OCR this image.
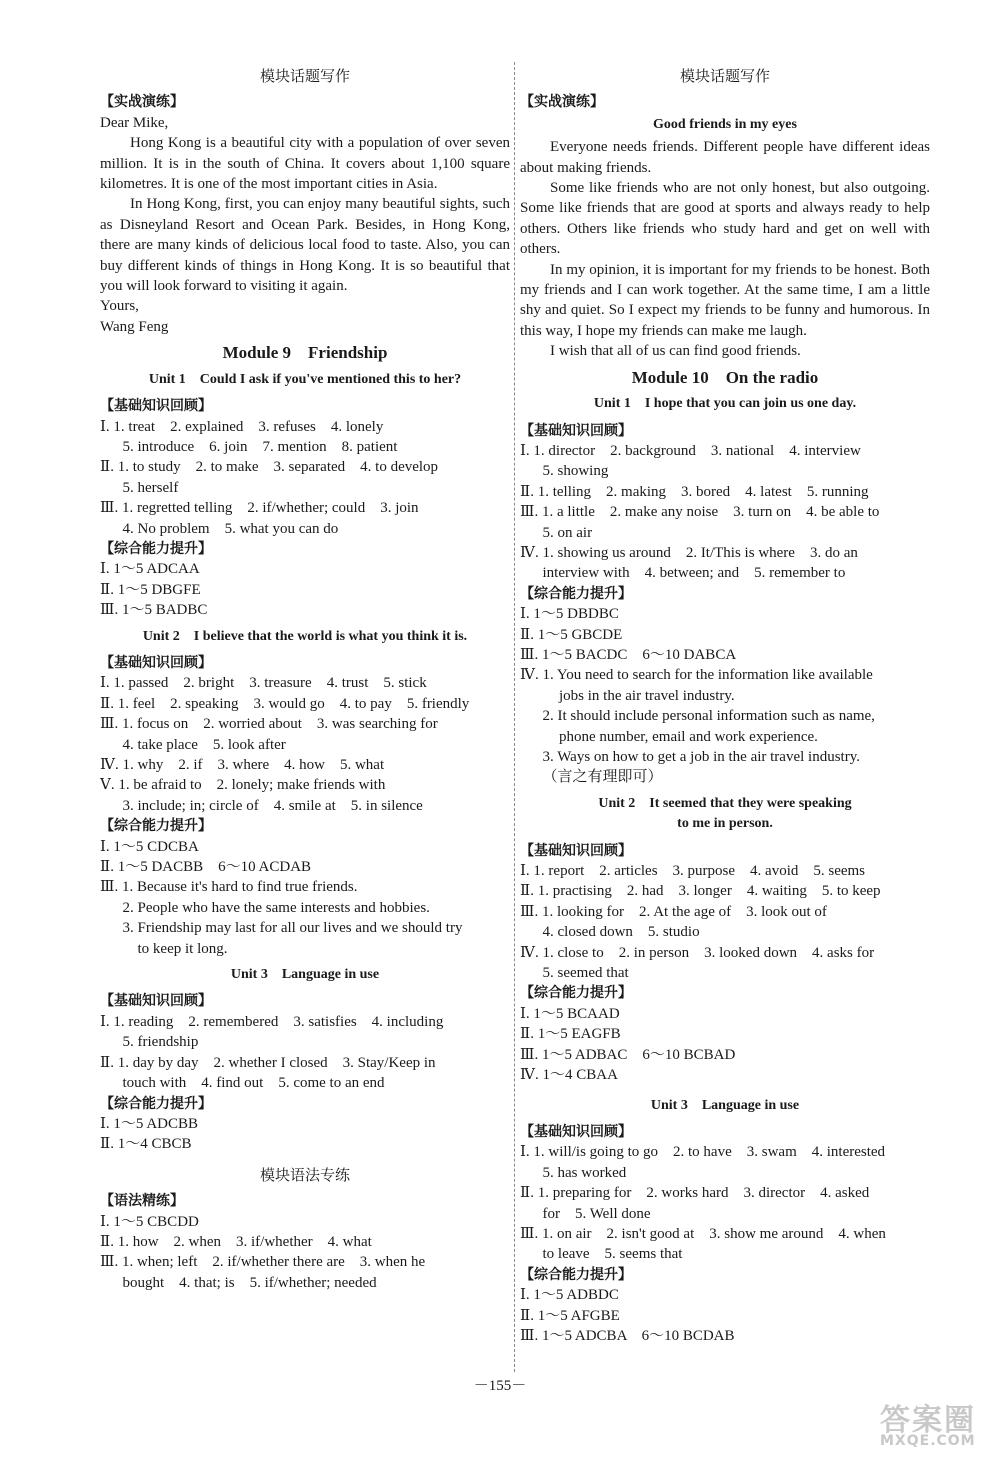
模块话题写作
【实战演练】
Dear Mike,
Hong Kong is a beautiful city with a population of over seven million. It is in the south of China. It covers about 1,100 square kilometres. It is one of the most important cities in Asia.
In Hong Kong, first, you can enjoy many beautiful sights, such as Disneyland Resort and Ocean Park. Besides, in Hong Kong, there are many kinds of delicious local food to taste. Also, you can buy different kinds of things in Hong Kong. It is so beautiful that you will look forward to visiting it again.
Yours,
Wang Feng
Module 9　Friendship
Unit 1　Could I ask if you've mentioned this to her?
【基础知识回顾】
Ⅰ. 1. treat　2. explained　3. refuses　4. lonely
5. introduce　6. join　7. mention　8. patient
Ⅱ. 1. to study　2. to make　3. separated　4. to develop
5. herself
Ⅲ. 1. regretted telling　2. if/whether; could　3. join
4. No problem　5. what you can do
【综合能力提升】
Ⅰ. 1～5 ADCAA
Ⅱ. 1～5 DBGFE
Ⅲ. 1～5 BADBC
Unit 2　I believe that the world is what you think it is.
【基础知识回顾】
Ⅰ. 1. passed　2. bright　3. treasure　4. trust　5. stick
Ⅱ. 1. feel　2. speaking　3. would go　4. to pay　5. friendly
Ⅲ. 1. focus on　2. worried about　3. was searching for
4. take place　5. look after
Ⅳ. 1. why　2. if　3. where　4. how　5. what
Ⅴ. 1. be afraid to　2. lonely; make friends with
3. include; in; circle of　4. smile at　5. in silence
【综合能力提升】
Ⅰ. 1～5 CDCBA
Ⅱ. 1～5 DACBB　6～10 ACDAB
Ⅲ. 1. Because it's hard to find true friends.
2. People who have the same interests and hobbies.
3. Friendship may last for all our lives and we should try
to keep it long.
Unit 3　Language in use
【基础知识回顾】
Ⅰ. 1. reading　2. remembered　3. satisfies　4. including
5. friendship
Ⅱ. 1. day by day　2. whether I closed　3. Stay/Keep in
touch with　4. find out　5. come to an end
【综合能力提升】
Ⅰ. 1～5 ADCBB
Ⅱ. 1～4 CBCB
模块语法专练
【语法精练】
Ⅰ. 1～5 CBCDD
Ⅱ. 1. how　2. when　3. if/whether　4. what
Ⅲ. 1. when; left　2. if/whether there are　3. when he
bought　4. that; is　5. if/whether; needed
模块话题写作
【实战演练】
Good friends in my eyes
Everyone needs friends. Different people have different ideas about making friends.
Some like friends who are not only honest, but also outgoing. Some like friends that are good at sports and always ready to help others. Others like friends who study hard and get on well with others.
In my opinion, it is important for my friends to be honest. Both my friends and I can work together. At the same time, I am a little shy and quiet. So I expect my friends to be funny and humorous. In this way, I hope my friends can make me laugh.
I wish that all of us can find good friends.
Module 10　On the radio
Unit 1　I hope that you can join us one day.
【基础知识回顾】
Ⅰ. 1. director　2. background　3. national　4. interview
5. showing
Ⅱ. 1. telling　2. making　3. bored　4. latest　5. running
Ⅲ. 1. a little　2. make any noise　3. turn on　4. be able to
5. on air
Ⅳ. 1. showing us around　2. It/This is where　3. do an
interview with　4. between; and　5. remember to
【综合能力提升】
Ⅰ. 1～5 DBDBC
Ⅱ. 1～5 GBCDE
Ⅲ. 1～5 BACDC　6～10 DABCA
Ⅳ. 1. You need to search for the information like available
jobs in the air travel industry.
2. It should include personal information such as name,
phone number, email and work experience.
3. Ways on how to get a job in the air travel industry.
（言之有理即可）
Unit 2　It seemed that they were speaking
to me in person.
【基础知识回顾】
Ⅰ. 1. report　2. articles　3. purpose　4. avoid　5. seems
Ⅱ. 1. practising　2. had　3. longer　4. waiting　5. to keep
Ⅲ. 1. looking for　2. At the age of　3. look out of
4. closed down　5. studio
Ⅳ. 1. close to　2. in person　3. looked down　4. asks for
5. seemed that
【综合能力提升】
Ⅰ. 1～5 BCAAD
Ⅱ. 1～5 EAGFB
Ⅲ. 1～5 ADBAC　6～10 BCBAD
Ⅳ. 1～4 CBAA
Unit 3　Language in use
【基础知识回顾】
Ⅰ. 1. will/is going to go　2. to have　3. swam　4. interested
5. has worked
Ⅱ. 1. preparing for　2. works hard　3. director　4. asked
for　5. Well done
Ⅲ. 1. on air　2. isn't good at　3. show me around　4. when
to leave　5. seems that
【综合能力提升】
Ⅰ. 1～5 ADBDC
Ⅱ. 1～5 AFGBE
Ⅲ. 1～5 ADCBA　6～10 BCDAB
－155－
答案圈
MXQE.COM
